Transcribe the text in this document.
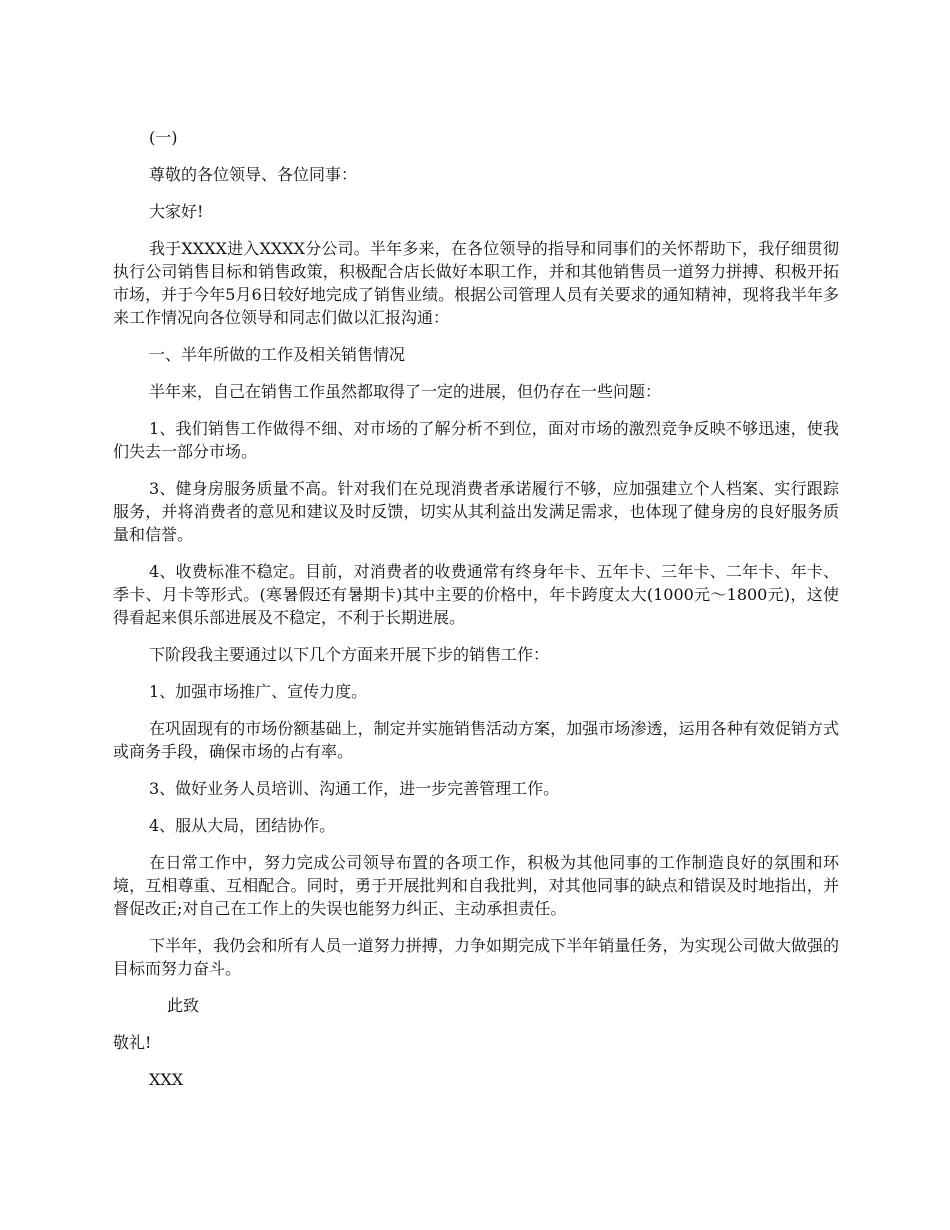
(一)

尊敬的各位领导、各位同事：

大家好!

我于XXXX进入XXXX分公司。半年多来，在各位领导的指导和同事们的关怀帮助下，我仔细贯彻执行公司销售目标和销售政策，积极配合店长做好本职工作，并和其他销售员一道努力拼搏、积极开拓市场，并于今年5月6日较好地完成了销售业绩。根据公司管理人员有关要求的通知精神，现将我半年多来工作情况向各位领导和同志们做以汇报沟通：

一、半年所做的工作及相关销售情况

半年来，自己在销售工作虽然都取得了一定的进展，但仍存在一些问题：

1、我们销售工作做得不细、对市场的了解分析不到位，面对市场的激烈竞争反映不够迅速，使我们失去一部分市场。

3、健身房服务质量不高。针对我们在兑现消费者承诺履行不够，应加强建立个人档案、实行跟踪服务，并将消费者的意见和建议及时反馈，切实从其利益出发满足需求，也体现了健身房的良好服务质量和信誉。

4、收费标准不稳定。目前，对消费者的收费通常有终身年卡、五年卡、三年卡、二年卡、年卡、季卡、月卡等形式。(寒暑假还有暑期卡)其中主要的价格中，年卡跨度太大(1000元～1800元)，这使得看起来俱乐部进展及不稳定，不利于长期进展。

下阶段我主要通过以下几个方面来开展下步的销售工作：

1、加强市场推广、宣传力度。

在巩固现有的市场份额基础上，制定并实施销售活动方案，加强市场渗透，运用各种有效促销方式或商务手段，确保市场的占有率。

3、做好业务人员培训、沟通工作，进一步完善管理工作。

4、服从大局，团结协作。

在日常工作中，努力完成公司领导布置的各项工作，积极为其他同事的工作制造良好的氛围和环境，互相尊重、互相配合。同时，勇于开展批判和自我批判，对其他同事的缺点和错误及时地指出，并督促改正;对自己在工作上的失误也能努力纠正、主动承担责任。

下半年，我仍会和所有人员一道努力拼搏，力争如期完成下半年销量任务，为实现公司做大做强的目标而努力奋斗。

此致

敬礼!

XXX
